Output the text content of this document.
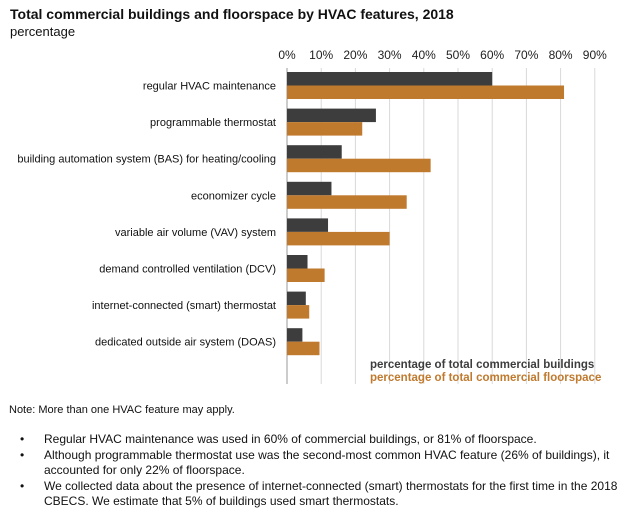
Total commercial buildings and floorspace by HVAC features, 2018
percentage
0% 10% 20% 30% 40% 50% 60% 70% 80% 90%
regular HVAC maintenance
programmable thermostat
building automation system (BAS) for heating/cooling
economizer cycle
variable air volume (VAV) system
demand controlled ventilation (DCV)
internet-connected (smart) thermostat
dedicated outside air system (DOAS)
percentage of total commercial buildings
percentage of total commercial floorspace
Note: More than one HVAC feature may apply.
• Regular HVAC maintenance was used in 60% of commercial buildings, or 81% of floorspace.
• Although programmable thermostat use was the second-most common HVAC feature (26% of buildings), it accounted for only 22% of floorspace.
• We collected data about the presence of internet-connected (smart) thermostats for the first time in the 2018 CBECS. We estimate that 5% of buildings used smart thermostats.
